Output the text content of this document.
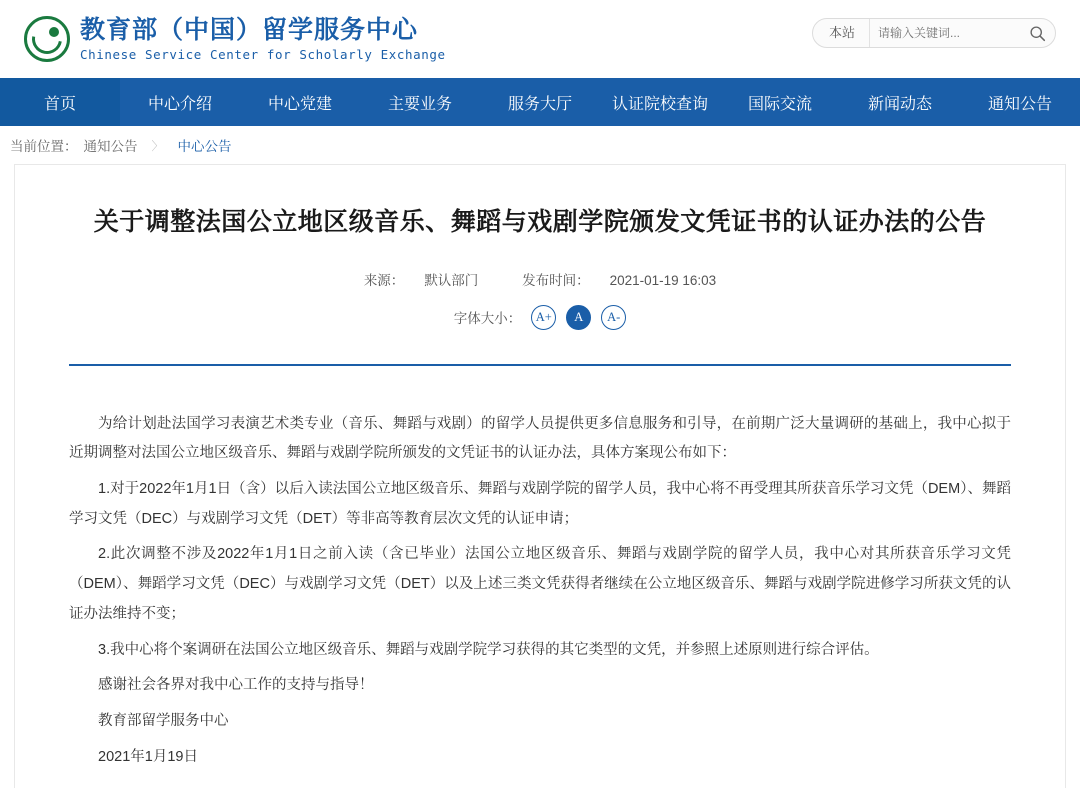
教育部（中国）留学服务中心
Chinese Service Center for Scholarly Exchange
本站
请输入关键词...
首页	中心介绍	中心党建	主要业务	服务大厅	认证院校查询	国际交流	新闻动态	通知公告
当前位置： 通知公告 〉 中心公告
关于调整法国公立地区级音乐、舞蹈与戏剧学院颁发文凭证书的认证办法的公告
来源： 默认部门	发布时间： 2021-01-19 16:03
字体大小：	A+	A	A-

为给计划赴法国学习表演艺术类专业（音乐、舞蹈与戏剧）的留学人员提供更多信息服务和引导，在前期广泛大量调研的基础上，我中心拟于近期调整对法国公立地区级音乐、舞蹈与戏剧学院所颁发的文凭证书的认证办法，具体方案现公布如下：

1.对于2022年1月1日（含）以后入读法国公立地区级音乐、舞蹈与戏剧学院的留学人员，我中心将不再受理其所获音乐学习文凭（DEM）、舞蹈学习文凭（DEC）与戏剧学习文凭（DET）等非高等教育层次文凭的认证申请；

2.此次调整不涉及2022年1月1日之前入读（含已毕业）法国公立地区级音乐、舞蹈与戏剧学院的留学人员，我中心对其所获音乐学习文凭（DEM）、舞蹈学习文凭（DEC）与戏剧学习文凭（DET）以及上述三类文凭获得者继续在公立地区级音乐、舞蹈与戏剧学院进修学习所获文凭的认证办法维持不变；

3.我中心将个案调研在法国公立地区级音乐、舞蹈与戏剧学院学习获得的其它类型的文凭，并参照上述原则进行综合评估。

感谢社会各界对我中心工作的支持与指导！

教育部留学服务中心

2021年1月19日
